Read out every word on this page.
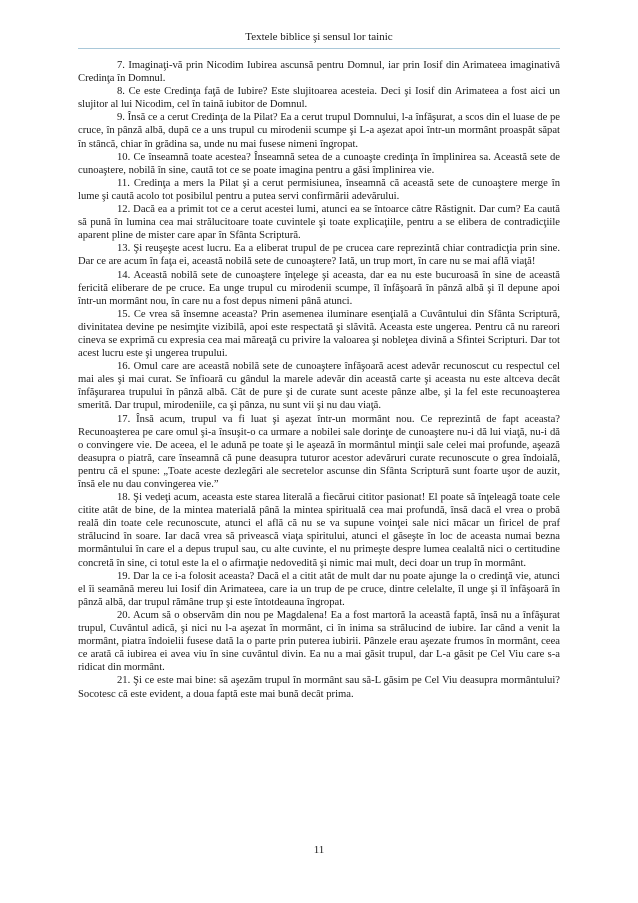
Textele biblice şi sensul lor tainic

7. Imaginaţi-vă prin Nicodim Iubirea ascunsă pentru Domnul, iar prin Iosif din Arimateea imaginativă Credinţa în Domnul.

8. Ce este Credinţa faţă de Iubire? Este slujitoarea acesteia. Deci şi Iosif din Arimateea a fost aici un slujitor al lui Nicodim, cel în taină iubitor de Domnul.

9. Însă ce a cerut Credinţa de la Pilat? Ea a cerut trupul Domnului, l-a înfăşurat, a scos din el luase de pe cruce, în pânză albă, după ce a uns trupul cu mirodenii scumpe şi L-a aşezat apoi într-un mormânt proaspăt săpat în stâncă, chiar în grădina sa, unde nu mai fusese nimeni îngropat.

10. Ce înseamnă toate acestea? Înseamnă setea de a cunoaşte credinţa în împlinirea sa. Această sete de cunoaştere, nobilă în sine, caută tot ce se poate imagina pentru a găsi împlinirea vie.

11. Credinţa a mers la Pilat şi a cerut permisiunea, înseamnă că această sete de cunoaştere merge în lume şi caută acolo tot posibilul pentru a putea servi confirmării adevărului.

12. Dacă ea a primit tot ce a cerut acestei lumi, atunci ea se întoarce către Răstignit. Dar cum? Ea caută să pună în lumina cea mai strălucitoare toate cuvintele şi toate explicaţiile, pentru a se elibera de contradicţiile aparent pline de mister care apar în Sfânta Scriptură.

13. Şi reuşeşte acest lucru. Ea a eliberat trupul de pe crucea care reprezintă chiar contradicţia prin sine. Dar ce are acum în faţa ei, această nobilă sete de cunoaştere? Iată, un trup mort, în care nu se mai află viaţă!

14. Această nobilă sete de cunoaştere înţelege şi aceasta, dar ea nu este bucuroasă în sine de această fericită eliberare de pe cruce. Ea unge trupul cu mirodenii scumpe, îl înfăşoară în pânză albă şi îl depune apoi într-un mormânt nou, în care nu a fost depus nimeni până atunci.

15. Ce vrea să însemne aceasta? Prin asemenea iluminare esenţială a Cuvântului din Sfânta Scriptură, divinitatea devine pe nesimţite vizibilă, apoi este respectată şi slăvită. Aceasta este ungerea. Pentru că nu rareori cineva se exprimă cu expresia cea mai măreaţă cu privire la valoarea şi nobleţea divină a Sfintei Scripturi. Dar tot acest lucru este şi ungerea trupului.

16. Omul care are această nobilă sete de cunoaştere înfăşoară acest adevăr recunoscut cu respectul cel mai ales şi mai curat. Se înfioară cu gândul la marele adevăr din această carte şi aceasta nu este altceva decât înfăşurarea trupului în pânză albă. Cât de pure şi de curate sunt aceste pânze albe, şi la fel este recunoaşterea smerită. Dar trupul, mirodeniile, ca şi pânza, nu sunt vii şi nu dau viaţă.

17. Însă acum, trupul va fi luat şi aşezat într-un mormânt nou. Ce reprezintă de fapt aceasta? Recunoaşterea pe care omul şi-a însuşit-o ca urmare a nobilei sale dorinţe de cunoaştere nu-i dă lui viaţă, nu-i dă o convingere vie. De aceea, el le adună pe toate şi le aşează în mormântul minţii sale celei mai profunde, aşează deasupra o piatră, care înseamnă că pune deasupra tuturor acestor adevăruri curate recunoscute o grea îndoială, pentru că el spune: „Toate aceste dezlegări ale secretelor ascunse din Sfânta Scriptură sunt foarte uşor de auzit, însă ele nu dau convingerea vie.”

18. Şi vedeţi acum, aceasta este starea literală a fiecărui cititor pasionat! El poate să înţeleagă toate cele citite atât de bine, de la mintea materială până la mintea spirituală cea mai profundă, însă dacă el vrea o probă reală din toate cele recunoscute, atunci el află că nu se va supune voinţei sale nici măcar un firicel de praf strălucind în soare. Iar dacă vrea să privească viaţa spiritului, atunci el găseşte în loc de aceasta numai bezna mormântului în care el a depus trupul sau, cu alte cuvinte, el nu primeşte despre lumea cealaltă nici o certitudine concretă în sine, ci totul este la el o afirmaţie nedovedită şi nimic mai mult, deci doar un trup în mormânt.

19. Dar la ce i-a folosit aceasta? Dacă el a citit atât de mult dar nu poate ajunge la o credinţă vie, atunci el îi seamănă mereu lui Iosif din Arimateea, care ia un trup de pe cruce, dintre celelalte, îl unge şi îl înfăşoară în pânză albă, dar trupul rămâne trup şi este întotdeauna îngropat.

20. Acum să o observăm din nou pe Magdalena! Ea a fost martoră la această faptă, însă nu a înfăşurat trupul, Cuvântul adică, şi nici nu l-a aşezat în mormânt, ci în inima sa strălucind de iubire. Iar când a venit la mormânt, piatra îndoielii fusese dată la o parte prin puterea iubirii. Pânzele erau aşezate frumos în mormânt, ceea ce arată că iubirea ei avea viu în sine cuvântul divin. Ea nu a mai găsit trupul, dar L-a găsit pe Cel Viu care s-a ridicat din mormânt.

21. Şi ce este mai bine: să aşezăm trupul în mormânt sau să-L găsim pe Cel Viu deasupra mormântului? Socotesc că este evident, a doua faptă este mai bună decât prima.

11
